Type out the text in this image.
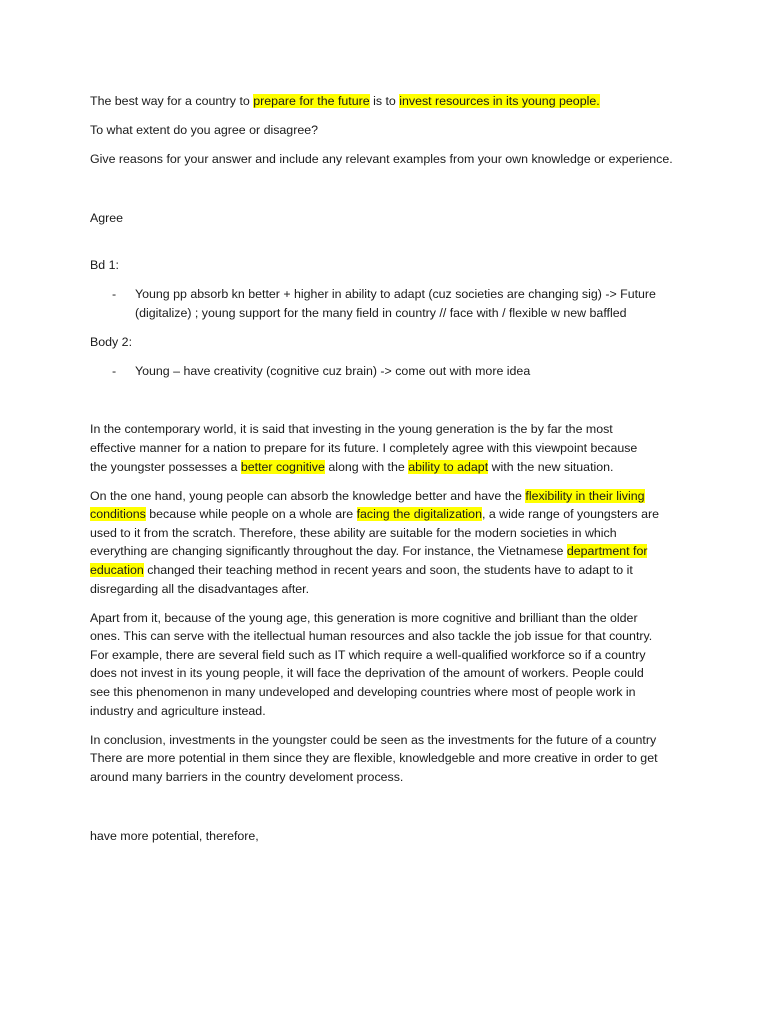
The best way for a country to prepare for the future is to invest resources in its young people.

To what extent do you agree or disagree?

Give reasons for your answer and include any relevant examples from your own knowledge or experience.

Agree

Bd 1:

- Young pp absorb kn better + higher in ability to adapt (cuz societies are changing sig) -> Future
(digitalize) ; young support for the many field in country // face with / flexible w new baffled

Body 2:

- Young – have creativity (cognitive cuz brain) -> come out with more idea

In the contemporary world, it is said that investing in the young generation is the by far the most

effective manner for a nation to prepare for its future. I completely agree with this viewpoint because

the youngster possesses a better cognitive along with the ability to adapt with the new situation.

On the one hand, young people can absorb the knowledge better and have the flexibility in their living

conditions because while people on a whole are facing the digitalization, a wide range of youngsters are

used to it from the scratch. Therefore, these ability are suitable for the modern societies in which

everything are changing significantly throughout the day. For instance, the Vietnamese department for

education changed their teaching method in recent years and soon, the students have to adapt to it

disregarding all the disadvantages after.

Apart from it, because of the young age, this generation is more cognitive and brilliant than the older

ones. This can serve with the itellectual human resources and also tackle the job issue for that country.

For example, there are several field such as IT which require a well-qualified workforce so if a country

does not invest in its young people, it will face the deprivation of the amount of workers. People could

see this phenomenon in many undeveloped and developing countries where most of people work in

industry and agriculture instead.

In conclusion, investments in the youngster could be seen as the investments for the future of a country

There are more potential in them since they are flexible, knowledgeble and more creative in order to get

around many barriers in the country develoment process.

have more potential, therefore,
